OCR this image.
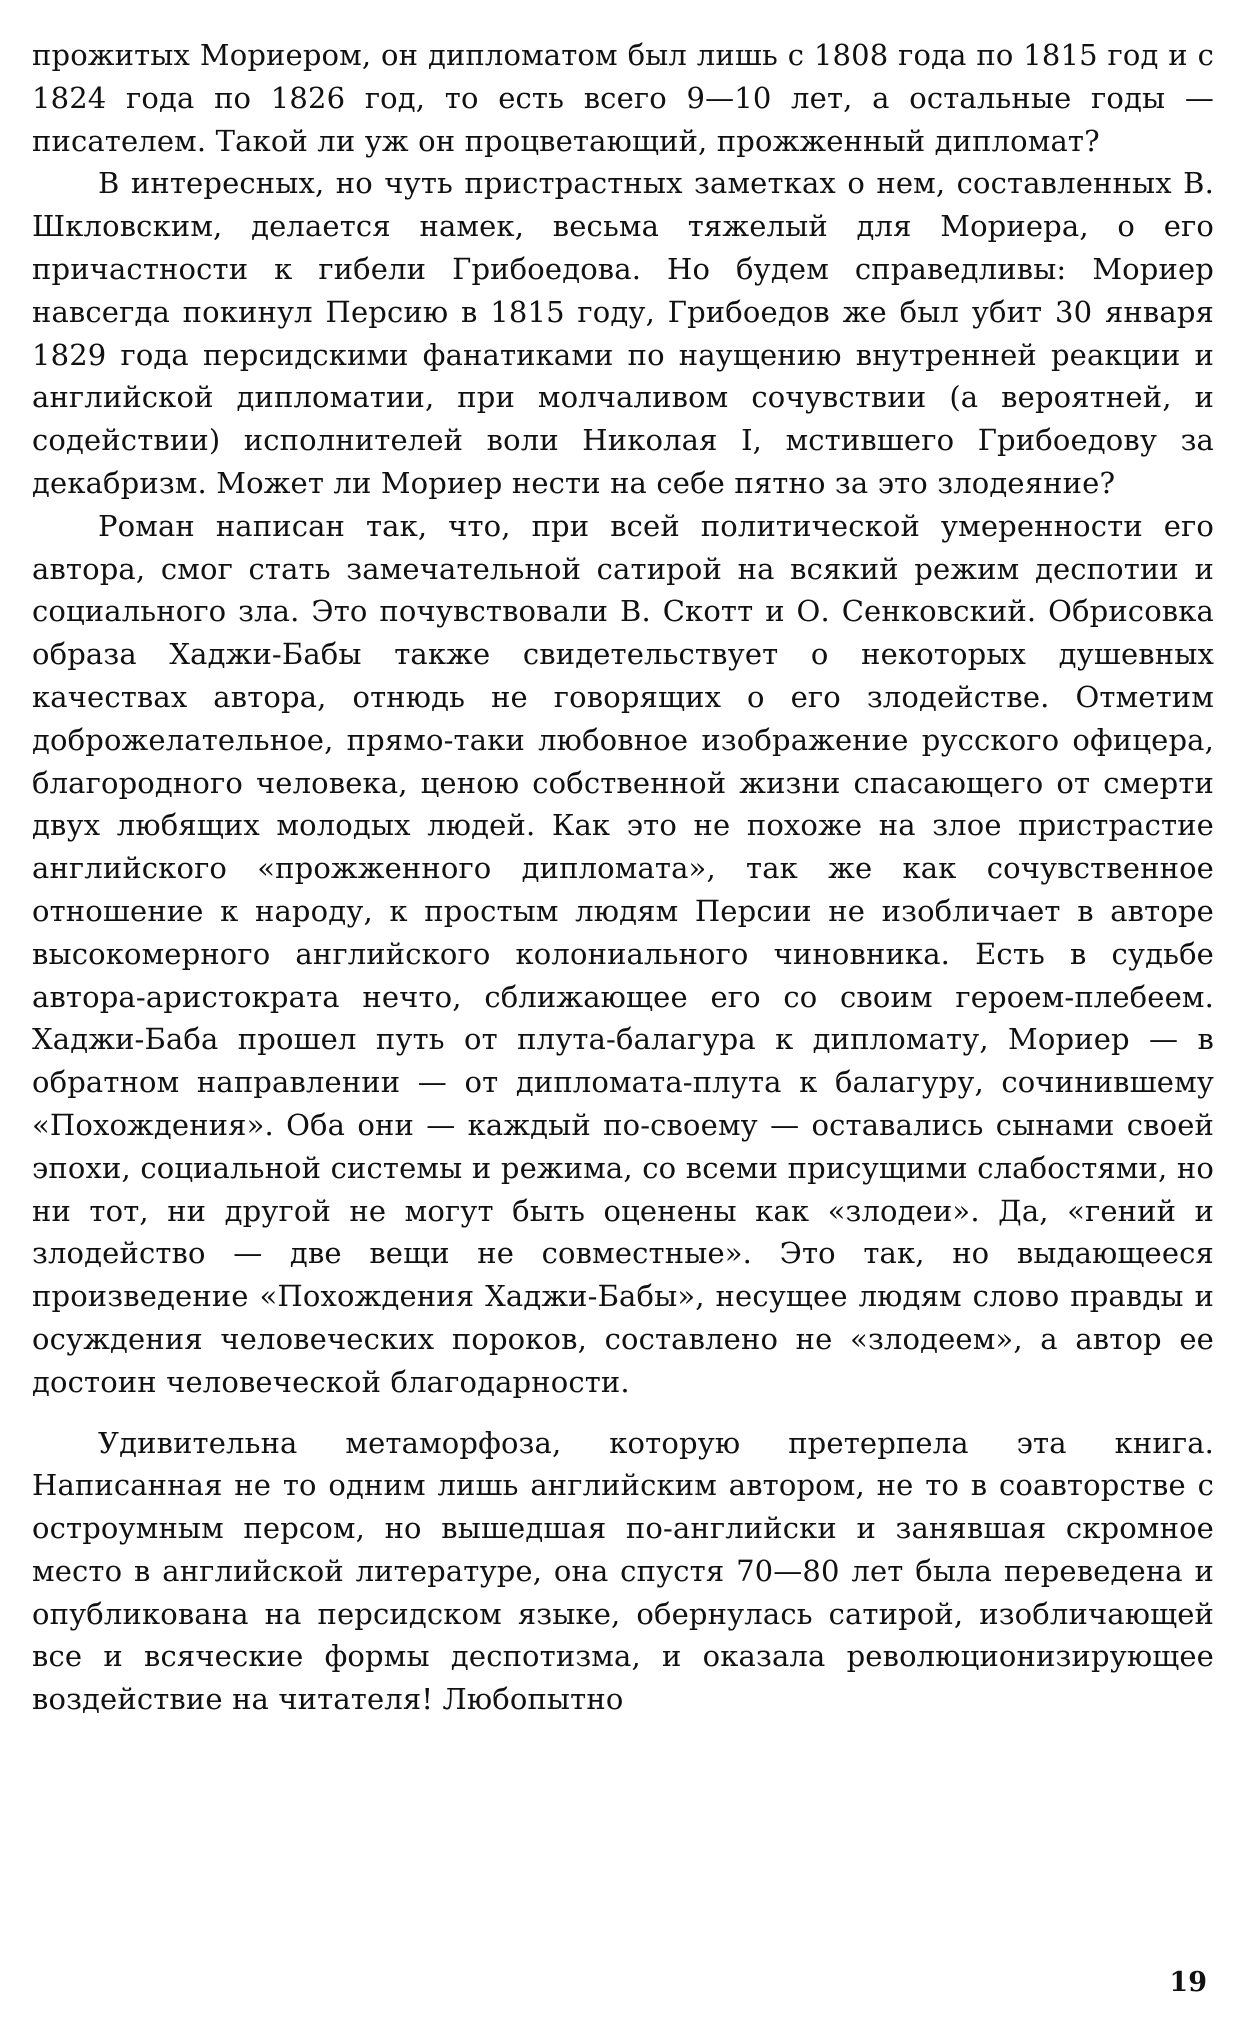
прожитых Мориером, он дипломатом был лишь с 1808 года по 1815 год и с 1824 года по 1826 год, то есть всего 9—10 лет, а остальные годы — писателем. Такой ли уж он процветающий, прожженный дипломат?

В интересных, но чуть пристрастных заметках о нем, составленных В. Шкловским, делается намек, весьма тяжелый для Мориера, о его причастности к гибели Грибоедова. Но будем справедливы: Мориер навсегда покинул Персию в 1815 году, Грибоедов же был убит 30 января 1829 года персидскими фанатиками по наущению внутренней реакции и английской дипломатии, при молчаливом сочувствии (а вероятней, и содействии) исполнителей воли Николая I, мстившего Грибоедову за декабризм. Может ли Мориер нести на себе пятно за это злодеяние?

Роман написан так, что, при всей политической умеренности его автора, смог стать замечательной сатирой на всякий режим деспотии и социального зла. Это почувствовали В. Скотт и О. Сенковский. Обрисовка образа Хаджи-Бабы также свидетельствует о некоторых душевных качествах автора, отнюдь не говорящих о его злодействе. Отметим доброжелательное, прямо-таки любовное изображение русского офицера, благородного человека, ценою собственной жизни спасающего от смерти двух любящих молодых людей. Как это не похоже на злое пристрастие английского «прожженного дипломата», так же как сочувственное отношение к народу, к простым людям Персии не изобличает в авторе высокомерного английского колониального чиновника. Есть в судьбе автора-аристократа нечто, сближающее его со своим героем-плебеем. Хаджи-Баба прошел путь от плута-балагура к дипломату, Мориер — в обратном направлении — от дипломата-плута к балагуру, сочинившему «Похождения». Оба они — каждый по-своему — оставались сынами своей эпохи, социальной системы и режима, со всеми присущими слабостями, но ни тот, ни другой не могут быть оценены как «злодеи». Да, «гений и злодейство — две вещи не совместные». Это так, но выдающееся произведение «Похождения Хаджи-Бабы», несущее людям слово правды и осуждения человеческих пороков, составлено не «злодеем», а автор ее достоин человеческой благодарности.

Удивительна метаморфоза, которую претерпела эта книга. Написанная не то одним лишь английским автором, не то в соавторстве с остроумным персом, но вышедшая по-английски и занявшая скромное место в английской литературе, она спустя 70—80 лет была переведена и опубликована на персидском языке, обернулась сатирой, изобличающей все и всяческие формы деспотизма, и оказала революционизирующее воздействие на читателя! Любопытно

19
